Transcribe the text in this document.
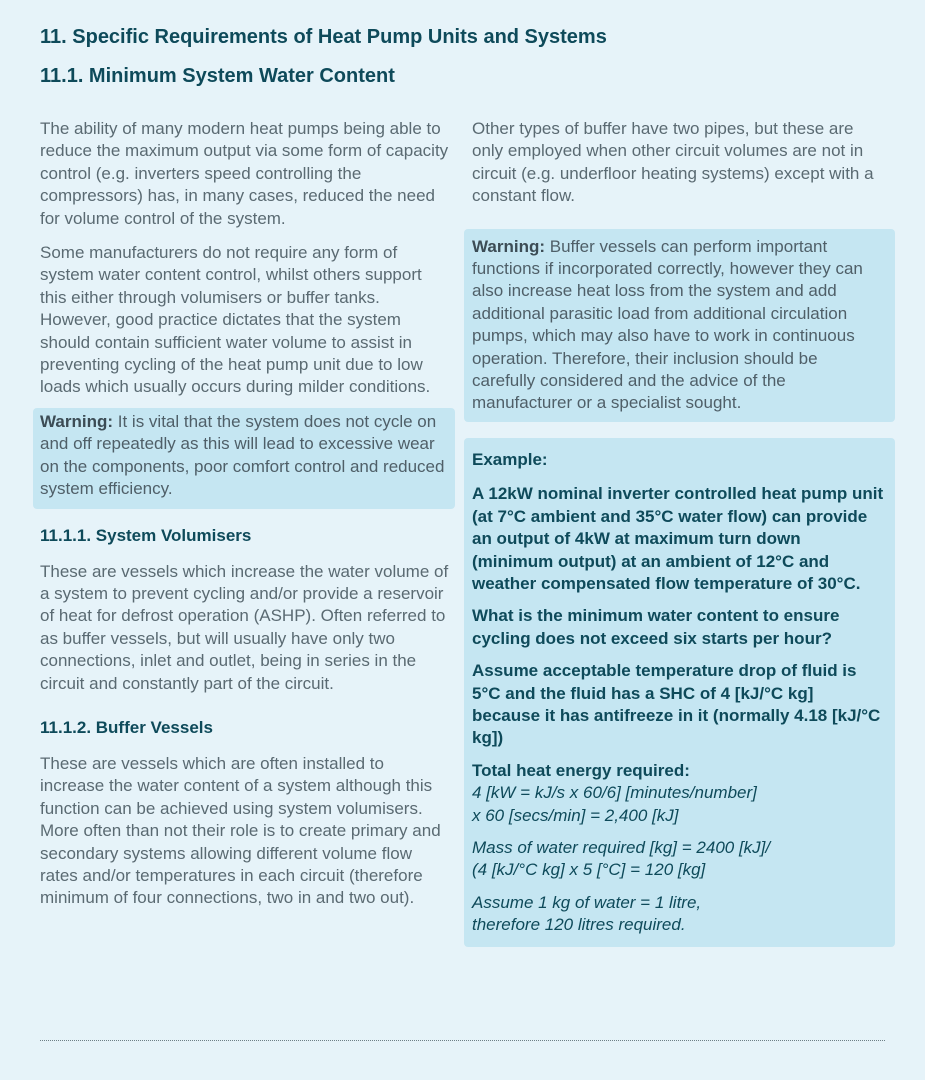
11. Specific Requirements of Heat Pump Units and Systems
11.1. Minimum System Water Content

The ability of many modern heat pumps being able to reduce the maximum output via some form of capacity control (e.g. inverters speed controlling the compressors) has, in many cases, reduced the need for volume control of the system.

Some manufacturers do not require any form of system water content control, whilst others support this either through volumisers or buffer tanks. However, good practice dictates that the system should contain sufficient water volume to assist in preventing cycling of the heat pump unit due to low loads which usually occurs during milder conditions.

Warning: It is vital that the system does not cycle on and off repeatedly as this will lead to excessive wear on the components, poor comfort control and reduced system efficiency.

11.1.1. System Volumisers

These are vessels which increase the water volume of a system to prevent cycling and/or provide a reservoir of heat for defrost operation (ASHP). Often referred to as buffer vessels, but will usually have only two connections, inlet and outlet, being in series in the circuit and constantly part of the circuit.

11.1.2. Buffer Vessels

These are vessels which are often installed to increase the water content of a system although this function can be achieved using system volumisers. More often than not their role is to create primary and secondary systems allowing different volume flow rates and/or temperatures in each circuit (therefore minimum of four connections, two in and two out).

Other types of buffer have two pipes, but these are only employed when other circuit volumes are not in circuit (e.g. underfloor heating systems) except with a constant flow.

Warning: Buffer vessels can perform important functions if incorporated correctly, however they can also increase heat loss from the system and add additional parasitic load from additional circulation pumps, which may also have to work in continuous operation. Therefore, their inclusion should be carefully considered and the advice of the manufacturer or a specialist sought.

Example:

A 12kW nominal inverter controlled heat pump unit (at 7°C ambient and 35°C water flow) can provide an output of 4kW at maximum turn down (minimum output) at an ambient of 12°C and weather compensated flow temperature of 30°C.

What is the minimum water content to ensure cycling does not exceed six starts per hour?

Assume acceptable temperature drop of fluid is 5°C and the fluid has a SHC of 4 [kJ/°C kg] because it has antifreeze in it (normally 4.18 [kJ/°C kg])

Total heat energy required:
4 [kW = kJ/s x 60/6] [minutes/number]
x 60 [secs/min] = 2,400 [kJ]

Mass of water required [kg] = 2400 [kJ]/
(4 [kJ/°C kg] x 5 [°C] = 120 [kg]

Assume 1 kg of water = 1 litre,
therefore 120 litres required.
